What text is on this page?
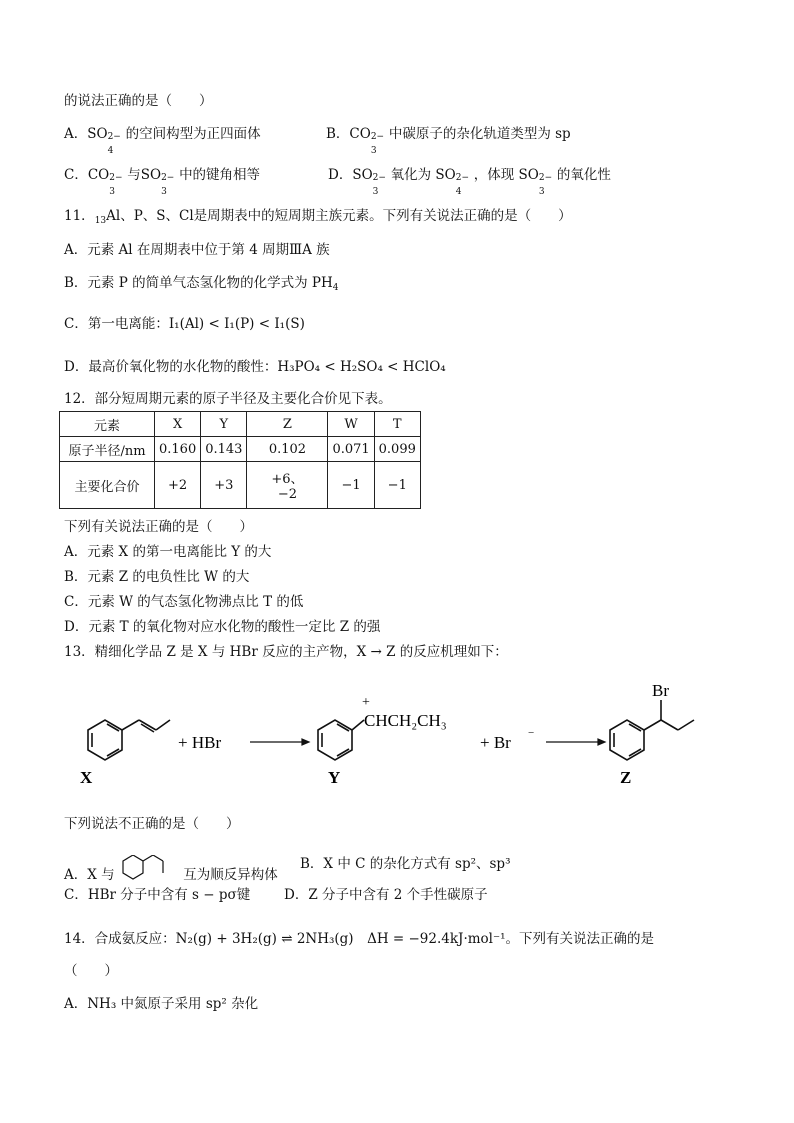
的说法正确的是（　　）
A．SO 2−
4
的空间构型为正四面体	B．CO 2−
3
中碳原子的杂化轨道类型为 sp
C．CO 2−
3
与SO 2−
3
中的键角相等	D．SO 2−
3
氧化为 SO 2−
4
，体现 SO 2−
3
的氧化性
11．$_{13}$Al、P、S、Cl是周期表中的短周期主族元素。下列有关说法正确的是（　　）
A．元素 Al 在周期表中位于第 4 周期ⅢA 族
B．元素 P 的简单气态氢化物的化学式为 $PH_4$
C．第一电离能：I₁(Al) < I₁(P) < I₁(S)
D．最高价氧化物的水化物的酸性：H₃PO₄ < H₂SO₄ < HClO₄
12．部分短周期元素的原子半径及主要化合价见下表。
元素	X	Y	Z	W	T
原子半径/nm	0.160	0.143	0.102	0.071	0.099
主要化合价	+2	+3	+6、
−2	−1	−1
下列有关说法正确的是（　　）
A．元素 X 的第一电离能比 Y 的大
B．元素 Z 的电负性比 W 的大
C．元素 W 的气态氢化物沸点比 T 的低
D．元素 T 的氧化物对应水化物的酸性一定比 Z 的强
13．精细化学品 Z 是 X 与 HBr 反应的主产物，X → Z 的反应机理如下：
X
+ HBr
+
CHCH₂CH₃
Y
+ Br −
Br
Z
下列说法不正确的是（　　）
A．X 与	互为顺反异构体
B．X 中 C 的杂化方式有 sp²、sp³
C．HBr 分子中含有 s − pσ键	D．Z 分子中含有 2 个手性碳原子
14．合成氨反应：N₂(g) + 3H₂(g) ⇌ 2NH₃(g)　ΔH = −92.4kJ·mol⁻¹。下列有关说法正确的是
（　　）
A．NH₃ 中氮原子采用 sp² 杂化
